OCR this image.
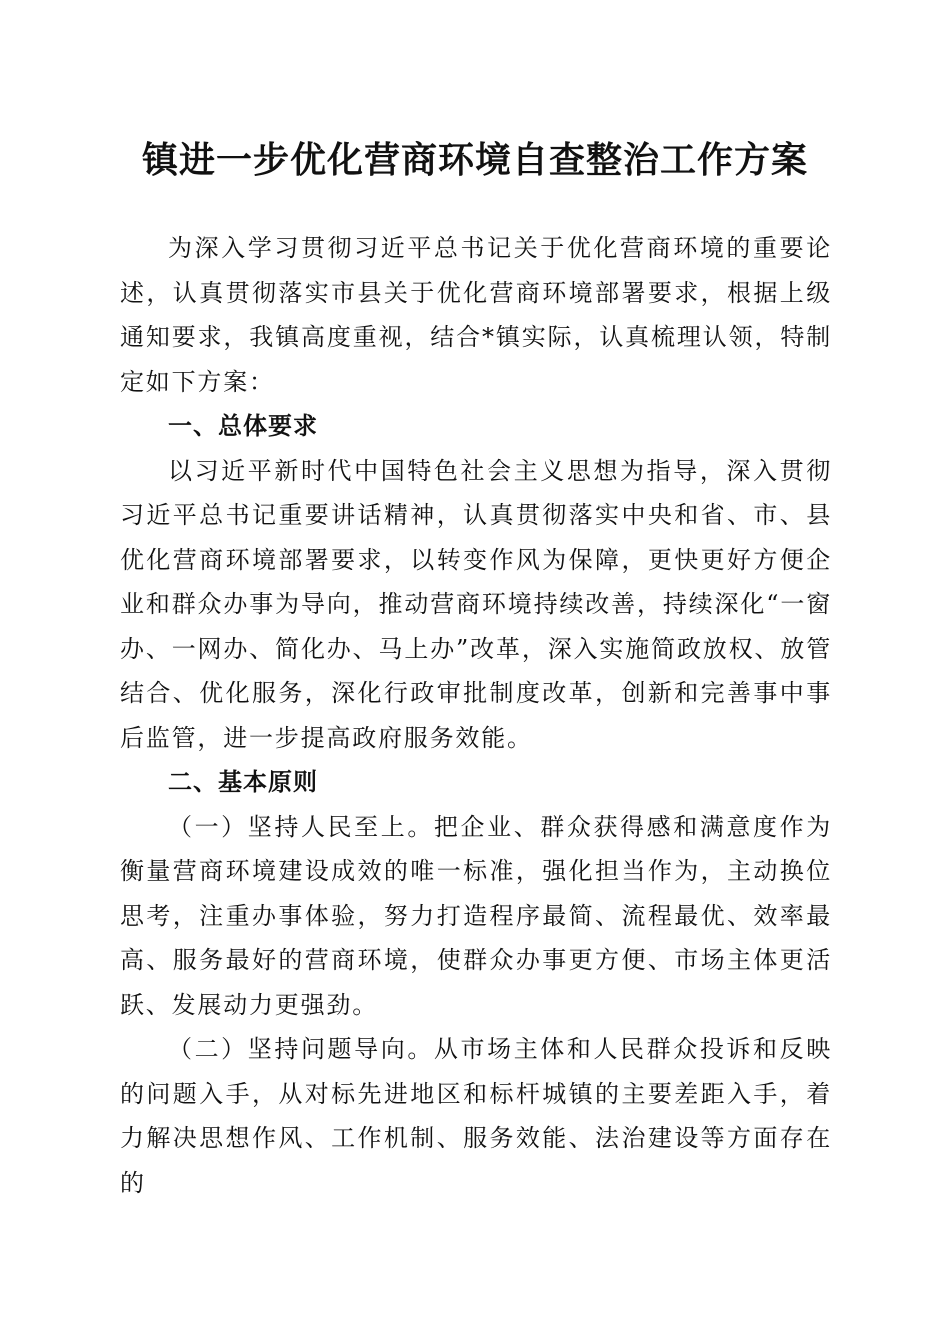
镇进一步优化营商环境自查整治工作方案

为深入学习贯彻习近平总书记关于优化营商环境的重要论述，认真贯彻落实市县关于优化营商环境部署要求，根据上级通知要求，我镇高度重视，结合*镇实际，认真梳理认领，特制定如下方案：

一、总体要求

以习近平新时代中国特色社会主义思想为指导，深入贯彻习近平总书记重要讲话精神，认真贯彻落实中央和省、市、县优化营商环境部署要求，以转变作风为保障，更快更好方便企业和群众办事为导向，推动营商环境持续改善，持续深化“一窗办、一网办、简化办、马上办”改革，深入实施简政放权、放管结合、优化服务，深化行政审批制度改革，创新和完善事中事后监管，进一步提高政府服务效能。

二、基本原则

（一）坚持人民至上。把企业、群众获得感和满意度作为衡量营商环境建设成效的唯一标准，强化担当作为，主动换位思考，注重办事体验，努力打造程序最简、流程最优、效率最高、服务最好的营商环境，使群众办事更方便、市场主体更活跃、发展动力更强劲。

（二）坚持问题导向。从市场主体和人民群众投诉和反映的问题入手，从对标先进地区和标杆城镇的主要差距入手，着力解决思想作风、工作机制、服务效能、法治建设等方面存在的
